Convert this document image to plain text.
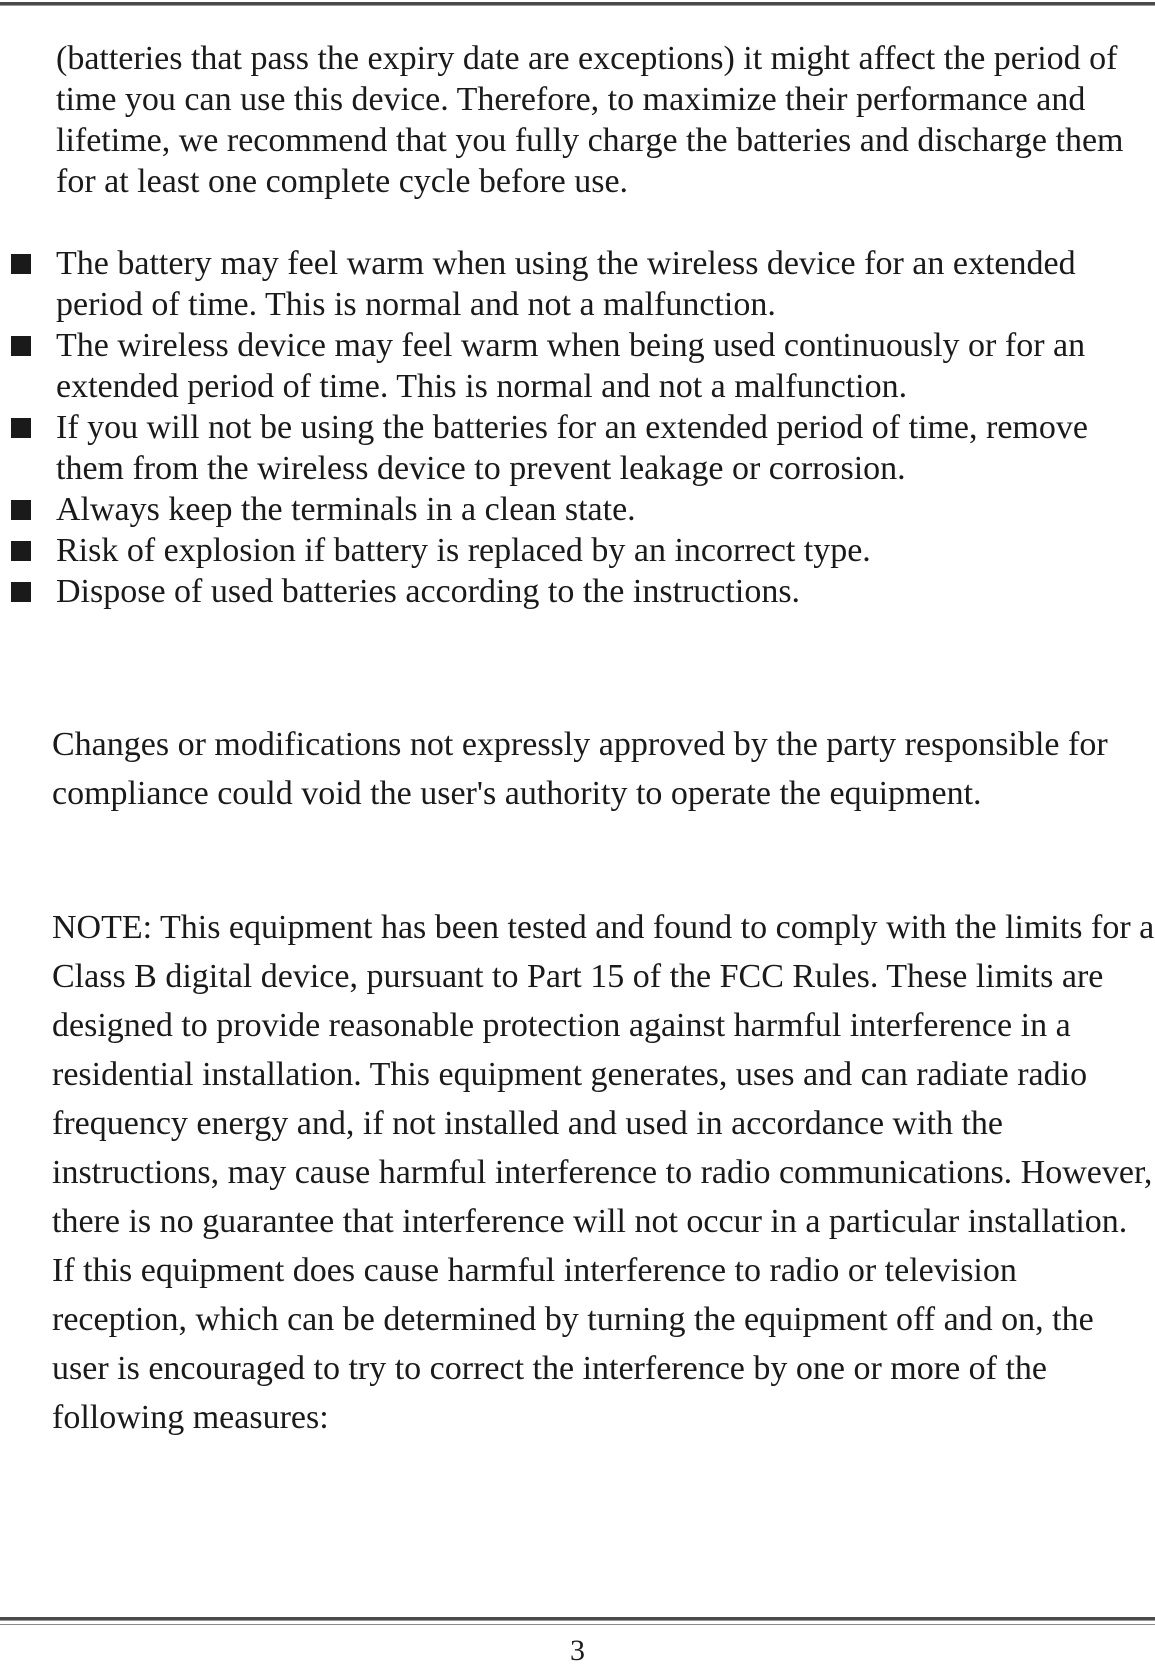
(batteries that pass the expiry date are exceptions) it might affect the period of time you can use this device. Therefore, to maximize their performance and lifetime, we recommend that you fully charge the batteries and discharge them for at least one complete cycle before use.

The battery may feel warm when using the wireless device for an extended period of time. This is normal and not a malfunction.
The wireless device may feel warm when being used continuously or for an extended period of time. This is normal and not a malfunction.
If you will not be using the batteries for an extended period of time, remove them from the wireless device to prevent leakage or corrosion.
Always keep the terminals in a clean state.
Risk of explosion if battery is replaced by an incorrect type.
Dispose of used batteries according to the instructions.

Changes or modifications not expressly approved by the party responsible for compliance could void the user's authority to operate the equipment.

NOTE: This equipment has been tested and found to comply with the limits for a Class B digital device, pursuant to Part 15 of the FCC Rules. These limits are designed to provide reasonable protection against harmful interference in a residential installation. This equipment generates, uses and can radiate radio frequency energy and, if not installed and used in accordance with the instructions, may cause harmful interference to radio communications. However, there is no guarantee that interference will not occur in a particular installation. If this equipment does cause harmful interference to radio or television reception, which can be determined by turning the equipment off and on, the user is encouraged to try to correct the interference by one or more of the following measures:

3
